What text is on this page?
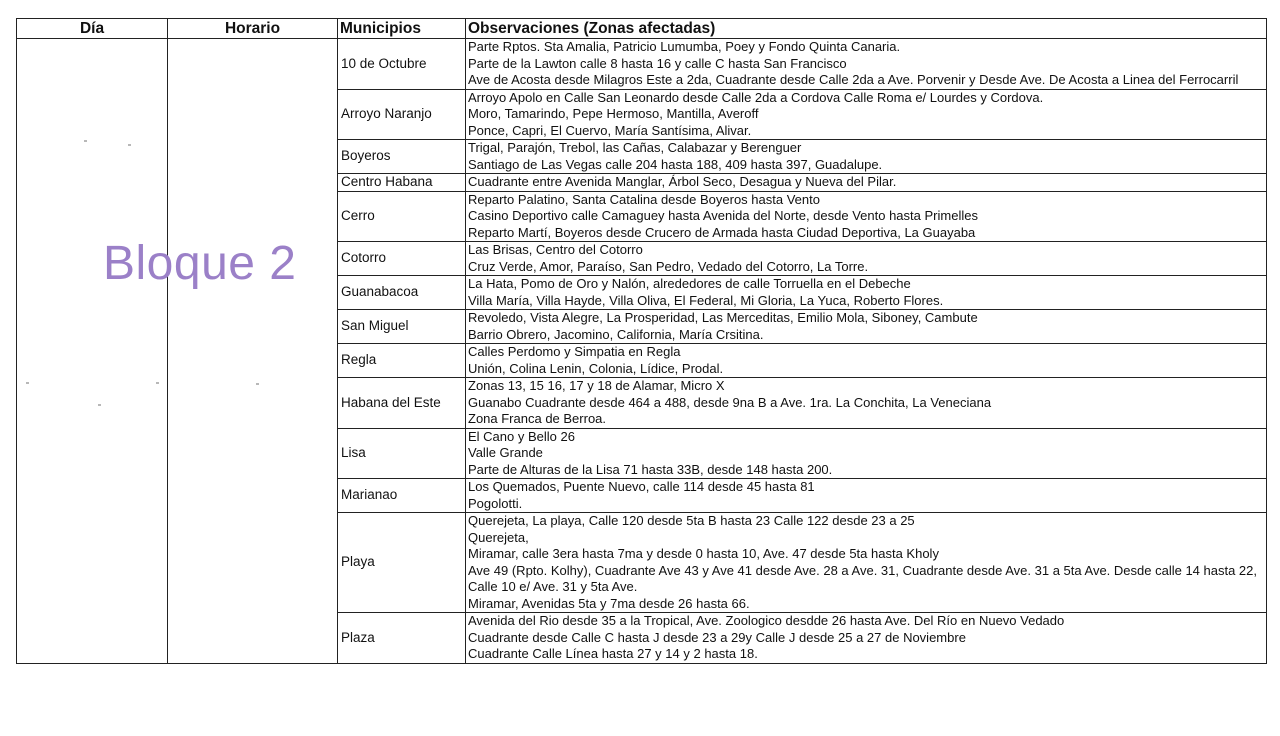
Día	Horario	Municipios	Observaciones (Zonas afectadas)
		10 de Octubre	Parte Rptos. Sta Amalia, Patricio Lumumba, Poey y Fondo Quinta Canaria.
Parte de la Lawton calle 8 hasta 16 y calle C hasta San Francisco
Ave de Acosta desde Milagros Este a 2da, Cuadrante desde Calle 2da a Ave. Porvenir y Desde Ave. De Acosta a Linea del Ferrocarril

		Arroyo Naranjo	Arroyo Apolo en Calle San Leonardo desde Calle 2da a Cordova Calle Roma e/ Lourdes y Cordova.
Moro, Tamarindo, Pepe Hermoso, Mantilla, Averoff
Ponce, Capri, El Cuervo, María Santísima, Alivar.

		Boyeros	Trigal, Parajón, Trebol, las Cañas, Calabazar y Berenguer
Santiago de Las Vegas calle 204 hasta 188, 409 hasta 397, Guadalupe.

		Centro Habana	Cuadrante entre Avenida Manglar, Árbol Seco, Desagua y Nueva del Pilar.

		Cerro	Reparto Palatino, Santa Catalina desde Boyeros hasta Vento
Casino Deportivo calle Camaguey hasta Avenida del Norte, desde Vento hasta Primelles
Reparto Martí, Boyeros desde Crucero de Armada hasta Ciudad Deportiva, La Guayaba

		Cotorro	Las Brisas, Centro del Cotorro
Cruz Verde, Amor, Paraíso, San Pedro, Vedado del Cotorro, La Torre.

		Guanabacoa	La Hata, Pomo de Oro y Nalón, alrededores de calle Torruella en el Debeche
Villa María, Villa Hayde, Villa Oliva, El Federal, Mi Gloria, La Yuca, Roberto Flores.

		San Miguel	Revoledo, Vista Alegre, La Prosperidad, Las Merceditas, Emilio Mola, Siboney, Cambute
Barrio Obrero, Jacomino, California, María Crsitina.

		Regla	Calles Perdomo y Simpatia en Regla
Unión, Colina Lenin, Colonia, Lídice, Prodal.

		Habana del Este	Zonas 13, 15 16, 17 y 18 de Alamar, Micro X
Guanabo Cuadrante desde 464 a 488, desde 9na B a Ave. 1ra. La Conchita, La Veneciana
Zona Franca de Berroa.

		Lisa	El Cano y Bello 26
Valle Grande
Parte de Alturas de la Lisa 71 hasta 33B, desde 148 hasta 200.

		Marianao	Los Quemados, Puente Nuevo, calle 114 desde 45 hasta 81
Pogolotti.

		Playa	Querejeta, La playa, Calle 120 desde 5ta B hasta 23 Calle 122 desde 23 a 25
Querejeta,
Miramar, calle 3era hasta 7ma y desde 0 hasta 10, Ave. 47 desde 5ta hasta Kholy
Ave 49 (Rpto. Kolhy), Cuadrante Ave 43 y Ave 41 desde Ave. 28 a Ave. 31, Cuadrante desde Ave. 31 a 5ta Ave. Desde calle 14 hasta 22, Calle 10 e/ Ave. 31 y 5ta Ave.
Miramar, Avenidas 5ta y 7ma desde 26 hasta 66.

		Plaza	Avenida del Rio desde 35 a la Tropical, Ave. Zoologico desdde 26 hasta Ave. Del Río en Nuevo Vedado
Cuadrante desde Calle C hasta J desde 23 a 29y Calle J desde 25 a 27 de Noviembre
Cuadrante Calle Línea hasta 27 y 14 y 2 hasta 18.
Bloque 2
